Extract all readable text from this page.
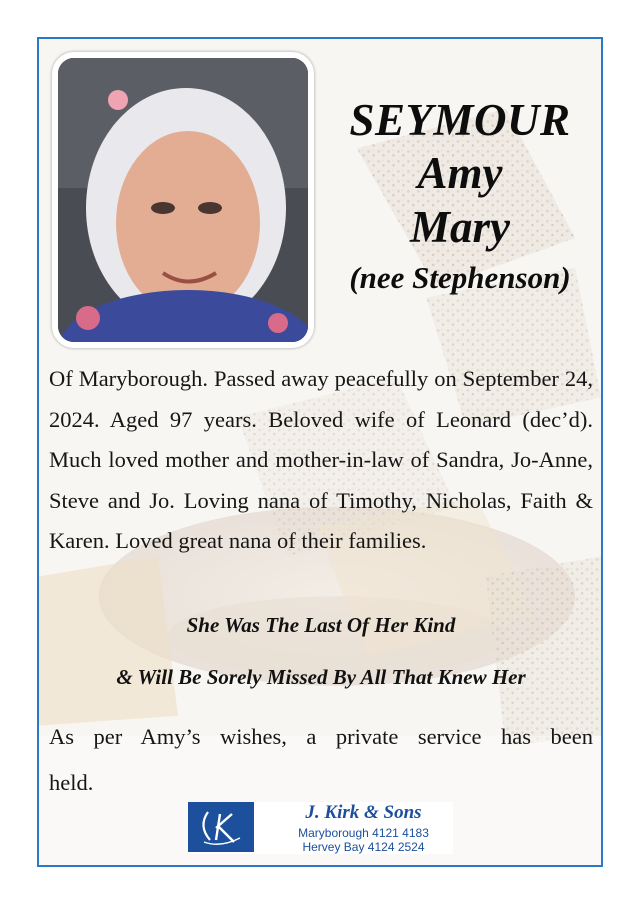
SEYMOUR
Amy
Mary
(nee Stephenson)
Of Maryborough. Passed away peacefully on September 24, 2024. Aged 97 years. Beloved wife of Leonard (dec’d). Much loved mother and mother-in-law of Sandra, Jo-Anne, Steve and Jo. Loving nana of Timothy, Nicholas, Faith & Karen. Loved great nana of their families.
She Was The Last Of Her Kind
& Will Be Sorely Missed By All That Knew Her
As per Amy’s wishes, a private service has been
held.
J. Kirk & Sons
Maryborough 4121 4183
Hervey Bay 4124 2524
